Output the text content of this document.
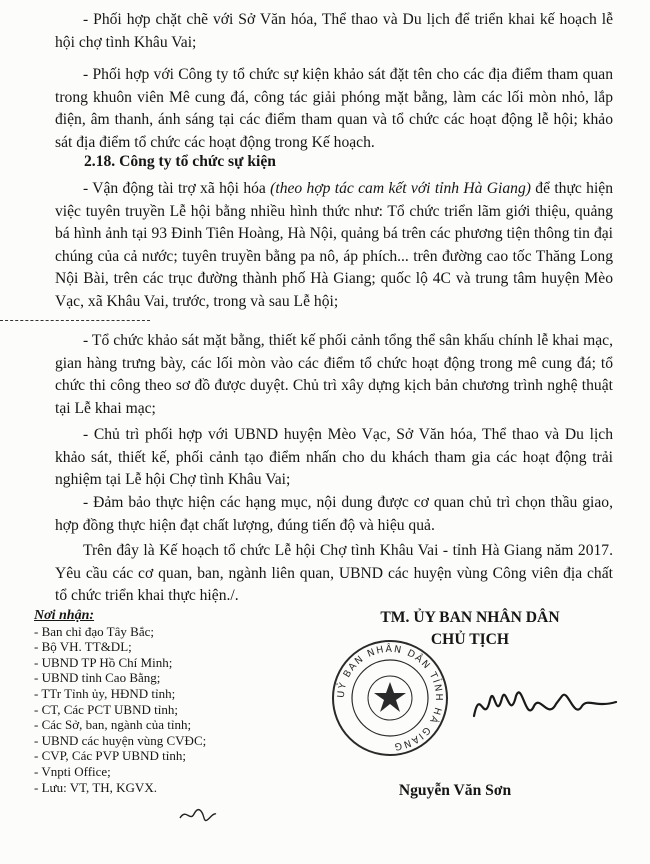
- Phối hợp chặt chẽ với Sở Văn hóa, Thể thao và Du lịch để triển khai kế hoạch lễ hội chợ tình Khâu Vai;

- Phối hợp với Công ty tổ chức sự kiện khảo sát đặt tên cho các địa điểm tham quan trong khuôn viên Mê cung đá, công tác giải phóng mặt bằng, làm các lối mòn nhỏ, lắp điện, âm thanh, ánh sáng tại các điểm tham quan và tổ chức các hoạt động lễ hội; khảo sát địa điểm tổ chức các hoạt động trong Kế hoạch.

2.18. Công ty tổ chức sự kiện

- Vận động tài trợ xã hội hóa (theo hợp tác cam kết với tỉnh Hà Giang) để thực hiện việc tuyên truyền Lễ hội bằng nhiều hình thức như: Tổ chức triển lãm giới thiệu, quảng bá hình ảnh tại 93 Đinh Tiên Hoàng, Hà Nội, quảng bá trên các phương tiện thông tin đại chúng của cả nước; tuyên truyền bằng pa nô, áp phích... trên đường cao tốc Thăng Long Nội Bài, trên các trục đường thành phố Hà Giang; quốc lộ 4C và trung tâm huyện Mèo Vạc, xã Khâu Vai, trước, trong và sau Lễ hội;

- Tổ chức khảo sát mặt bằng, thiết kế phối cảnh tổng thể sân khấu chính lễ khai mạc, gian hàng trưng bày, các lối mòn vào các điểm tổ chức hoạt động trong mê cung đá; tổ chức thi công theo sơ đồ được duyệt. Chủ trì xây dựng kịch bản chương trình nghệ thuật tại Lễ khai mạc;

- Chủ trì phối hợp với UBND huyện Mèo Vạc, Sở Văn hóa, Thể thao và Du lịch khảo sát, thiết kế, phối cảnh tạo điểm nhấn cho du khách tham gia các hoạt động trải nghiệm tại Lễ hội Chợ tình Khâu Vai;

- Đảm bảo thực hiện các hạng mục, nội dung được cơ quan chủ trì chọn thầu giao, hợp đồng thực hiện đạt chất lượng, đúng tiến độ và hiệu quả.

Trên đây là Kế hoạch tổ chức Lễ hội Chợ tình Khâu Vai - tỉnh Hà Giang năm 2017. Yêu cầu các cơ quan, ban, ngành liên quan, UBND các huyện vùng Công viên địa chất tổ chức triển khai thực hiện./.

Nơi nhận:
- Ban chỉ đạo Tây Bắc;
- Bộ VH. TT&DL;
- UBND TP Hồ Chí Minh;
- UBND tỉnh Cao Bằng;
- TTr Tỉnh ủy, HĐND tỉnh;
- CT, Các PCT UBND tỉnh;
- Các Sở, ban, ngành của tỉnh;
- UBND các huyện vùng CVĐC;
- CVP, Các PVP UBND tỉnh;
- Vnpti Office;
- Lưu: VT, TH, KGVX.
TM. ỦY BAN NHÂN DÂN
CHỦ TỊCH
UỶ BAN NHÂN DÂN TỈNH HÀ GIANG
Nguyễn Văn Sơn
